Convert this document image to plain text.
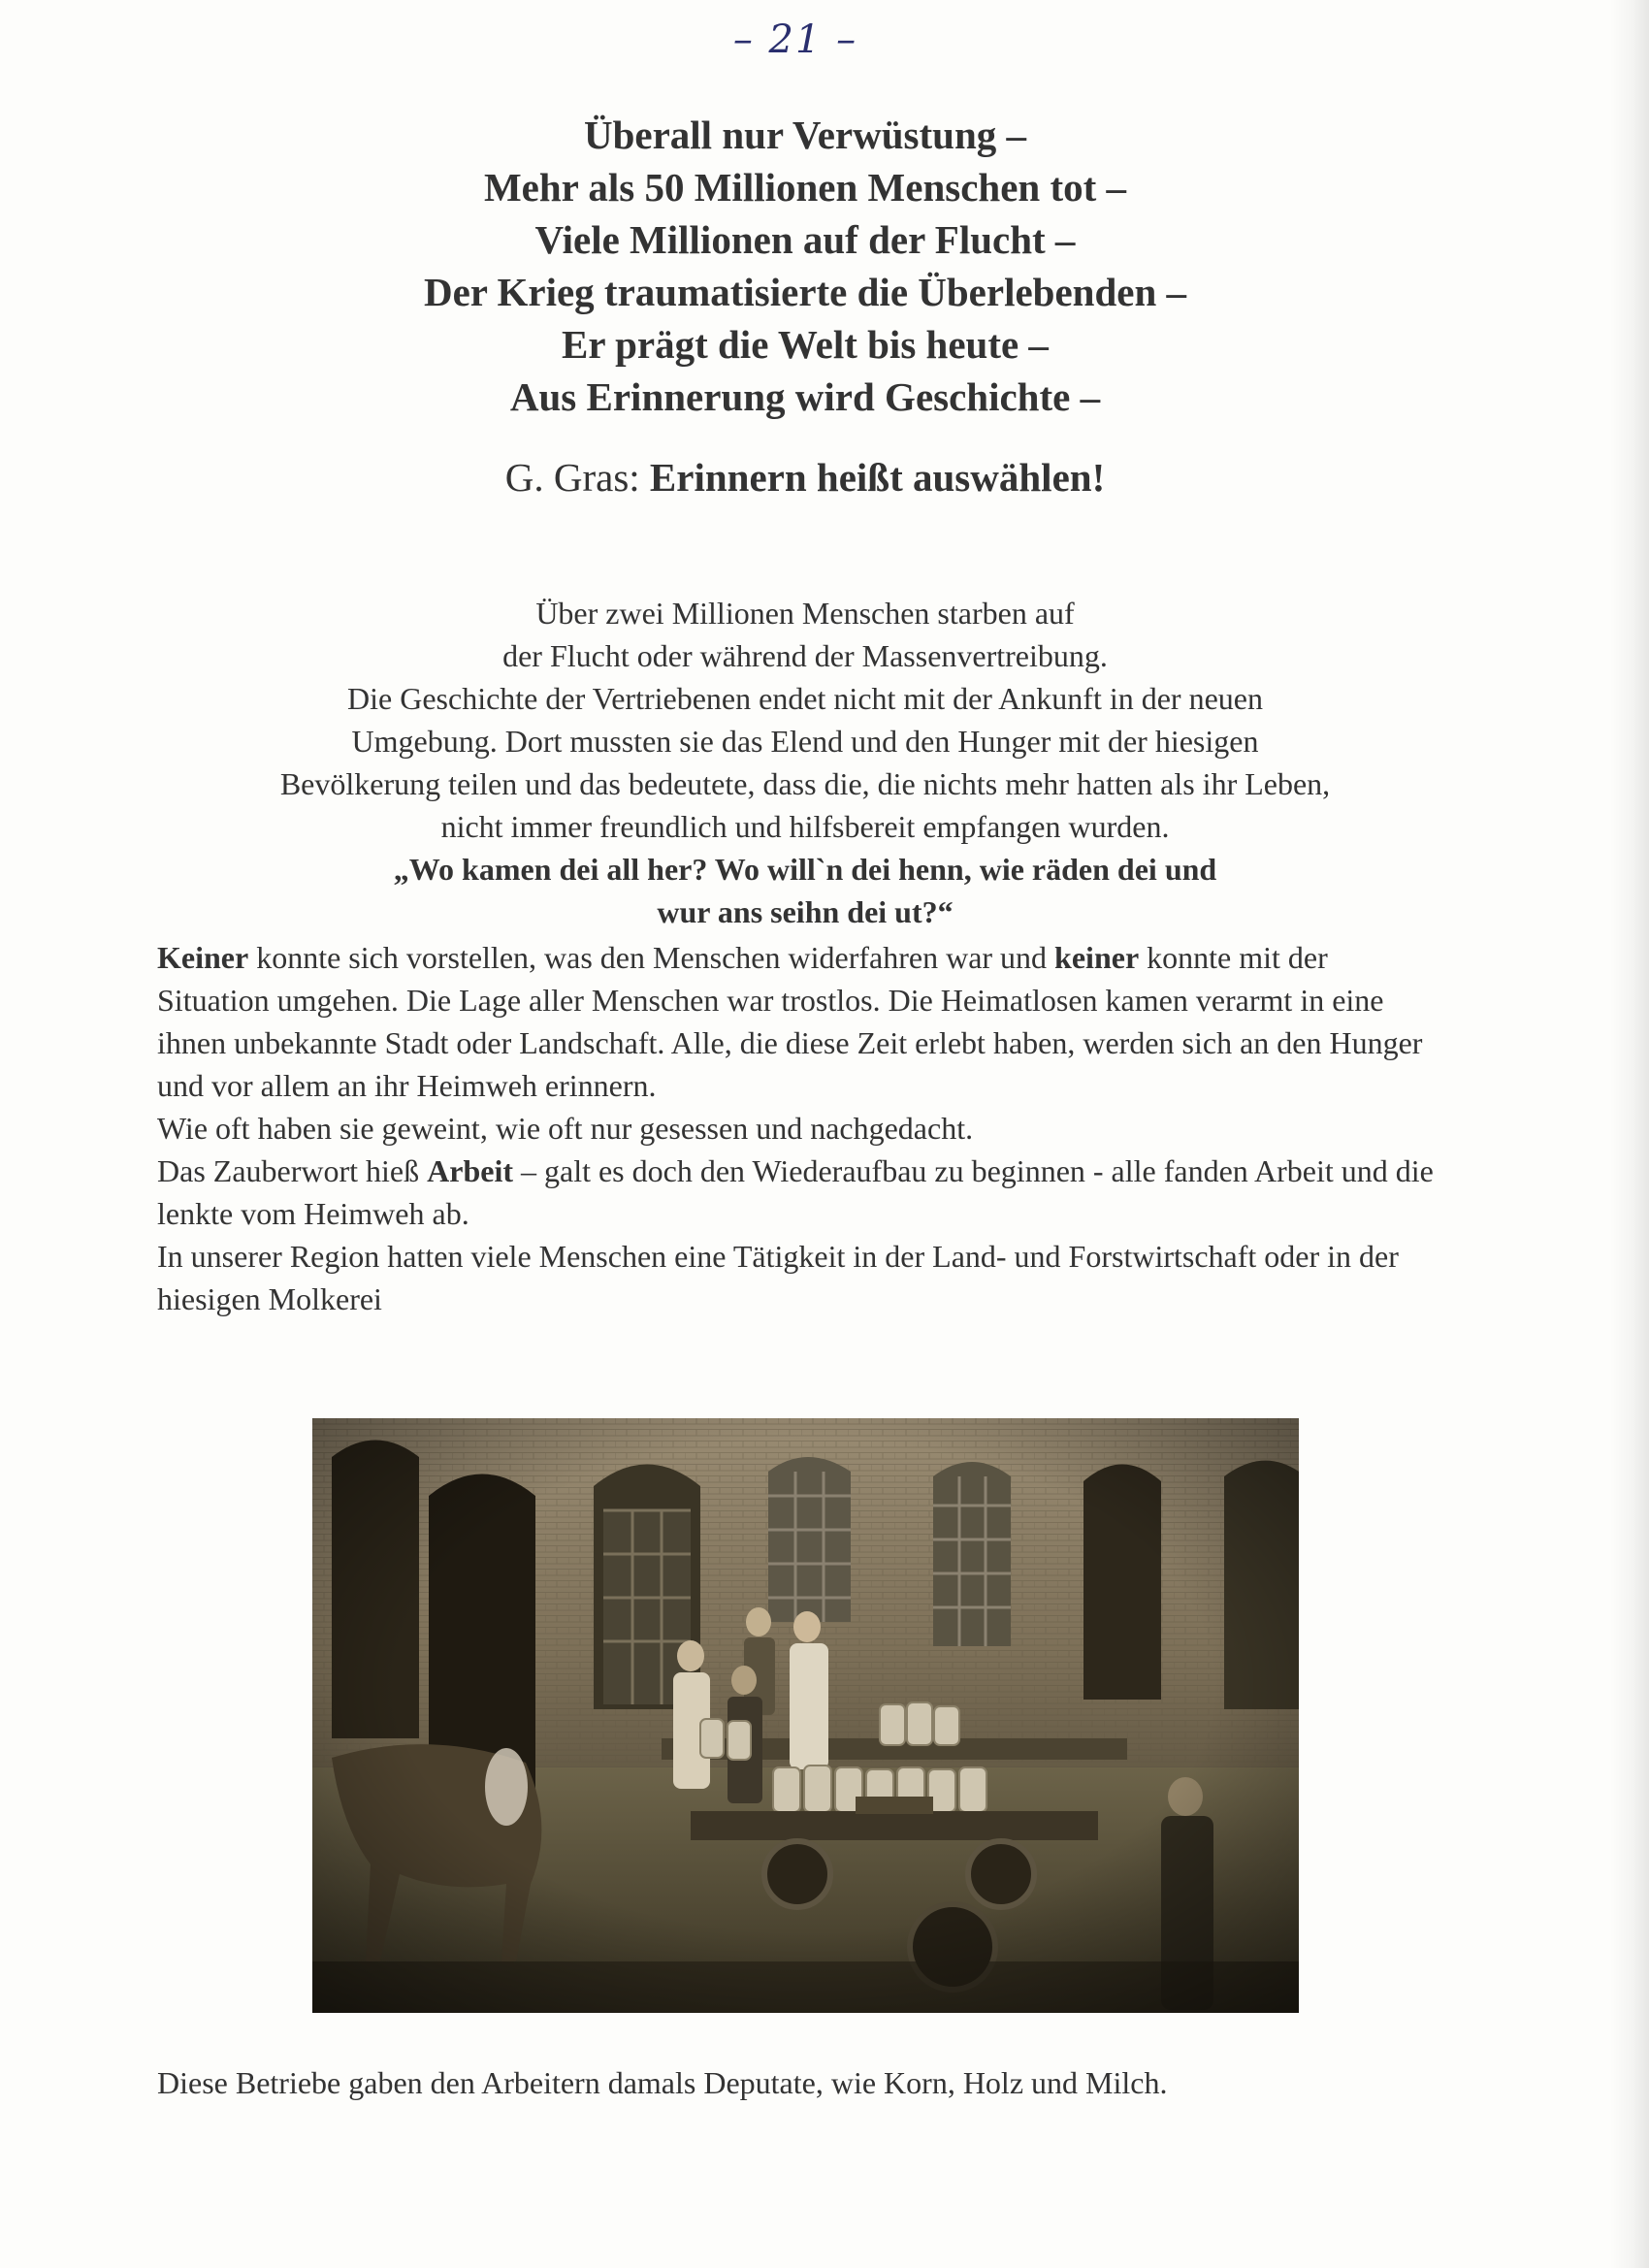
– 21 –
Überall nur Verwüstung –
Mehr als 50 Millionen Menschen tot –
Viele Millionen auf der Flucht –
Der Krieg traumatisierte die Überlebenden –
Er prägt die Welt bis heute –
Aus Erinnerung wird Geschichte –
G. Gras: Erinnern heißt auswählen!
Über zwei Millionen Menschen starben auf
der Flucht oder während der Massenvertreibung.
Die Geschichte der Vertriebenen endet nicht mit der Ankunft in der neuen
Umgebung. Dort mussten sie das Elend und den Hunger mit der hiesigen
Bevölkerung teilen und das bedeutete, dass die, die nichts mehr hatten als ihr Leben,
nicht immer freundlich und hilfsbereit empfangen wurden.
„Wo kamen dei all her? Wo will`n dei henn, wie räden dei und
wur ans seihn dei ut?“

Keiner konnte sich vorstellen, was den Menschen widerfahren war und keiner konnte mit der Situation umgehen. Die Lage aller Menschen war trostlos. Die Heimatlosen kamen verarmt in eine ihnen unbekannte Stadt oder Landschaft. Alle, die diese Zeit erlebt haben, werden sich an den Hunger und vor allem an ihr Heimweh erinnern.

Wie oft haben sie geweint, wie oft nur gesessen und nachgedacht.

Das Zauberwort hieß Arbeit – galt es doch den Wiederaufbau zu beginnen - alle fanden Arbeit und die lenkte vom Heimweh ab.

In unserer Region hatten viele Menschen eine Tätigkeit in der Land- und Forstwirtschaft oder in der hiesigen Molkerei

Diese Betriebe gaben den Arbeitern damals Deputate, wie Korn, Holz und Milch.
